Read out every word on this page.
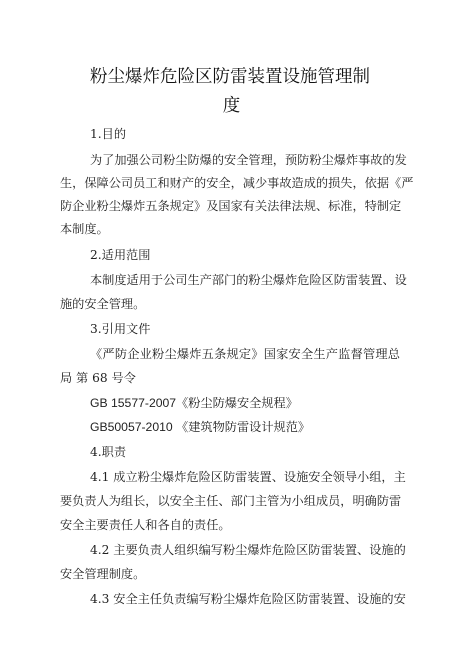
粉尘爆炸危险区防雷装置设施管理制
度
1.目的
为了加强公司粉尘防爆的安全管理，预防粉尘爆炸事故的发
生，保障公司员工和财产的安全，减少事故造成的损失，依据《严
防企业粉尘爆炸五条规定》及国家有关法律法规、标准，特制定
本制度。
2.适用范围
本制度适用于公司生产部门的粉尘爆炸危险区防雷装置、设
施的安全管理。
3.引用文件
《严防企业粉尘爆炸五条规定》国家安全生产监督管理总
局 第 68 号令
GB 15577-2007《粉尘防爆安全规程》
GB50057-2010 《建筑物防雷设计规范》
4.职责
4.1 成立粉尘爆炸危险区防雷装置、设施安全领导小组，主
要负责人为组长，以安全主任、部门主管为小组成员，明确防雷
安全主要责任人和各自的责任。
4.2 主要负责人组织编写粉尘爆炸危险区防雷装置、设施的
安全管理制度。
4.3 安全主任负责编写粉尘爆炸危险区防雷装置、设施的安
